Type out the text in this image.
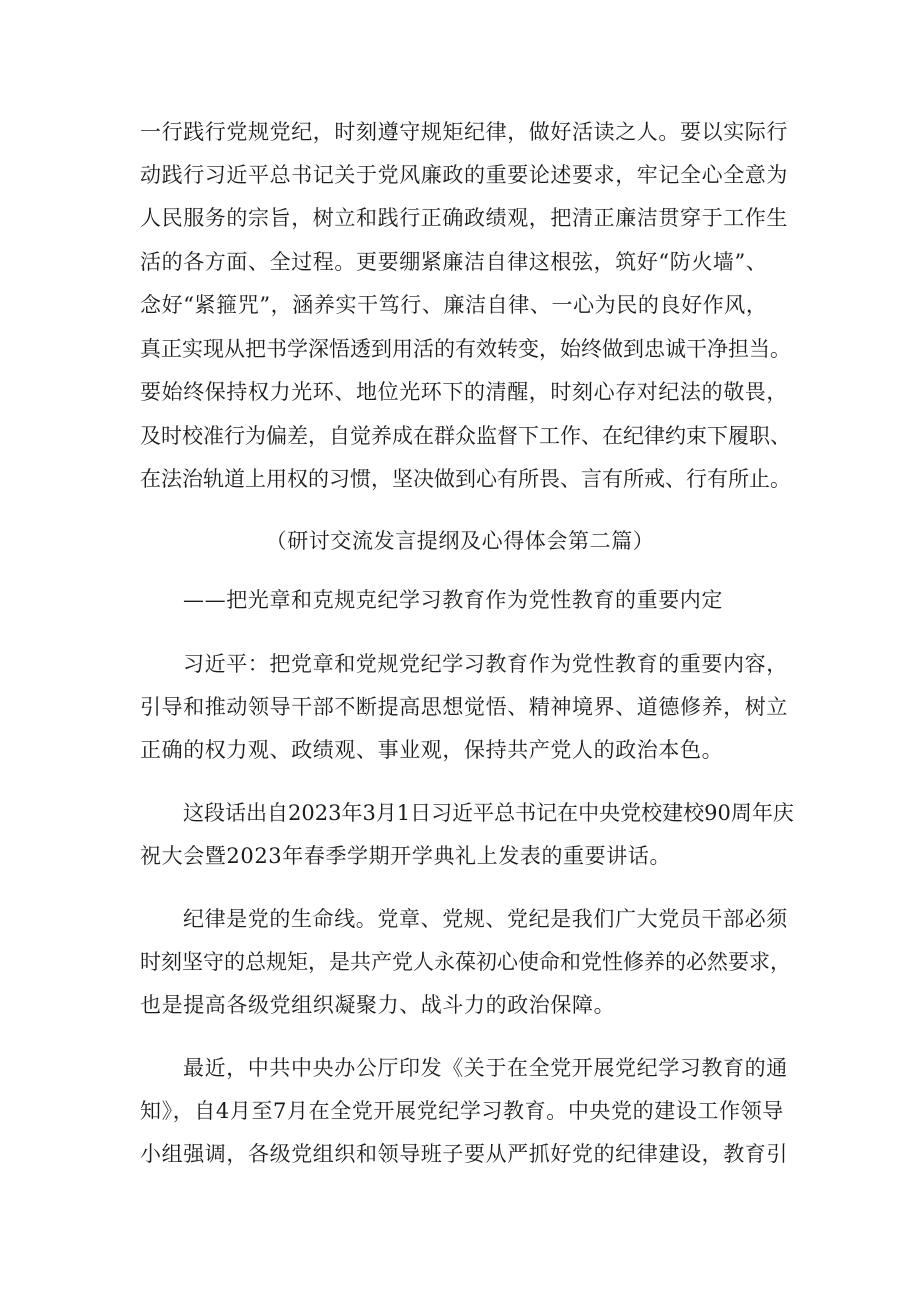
一行践行党规党纪，时刻遵守规矩纪律，做好活读之人。要以实际行
动践行习近平总书记关于党风廉政的重要论述要求，牢记全心全意为
人民服务的宗旨，树立和践行正确政绩观，把清正廉洁贯穿于工作生
活的各方面、全过程。更要绷紧廉洁自律这根弦，筑好“防火墙”、
念好“紧箍咒”，涵养实干笃行、廉洁自律、一心为民的良好作风，
真正实现从把书学深悟透到用活的有效转变，始终做到忠诚干净担当。
要始终保持权力光环、地位光环下的清醒，时刻心存对纪法的敬畏，
及时校准行为偏差，自觉养成在群众监督下工作、在纪律约束下履职、
在法治轨道上用权的习惯，坚决做到心有所畏、言有所戒、行有所止。
（研讨交流发言提纲及心得体会第二篇）
——把光章和克规克纪学习教育作为党性教育的重要内定
习近平：把党章和党规党纪学习教育作为党性教育的重要内容，
引导和推动领导干部不断提高思想觉悟、精神境界、道德修养，树立
正确的权力观、政绩观、事业观，保持共产党人的政治本色。
这段话出自2023年3月1日习近平总书记在中央党校建校90周年庆
祝大会暨2023年春季学期开学典礼上发表的重要讲话。
纪律是党的生命线。党章、党规、党纪是我们广大党员干部必须
时刻坚守的总规矩，是共产党人永葆初心使命和党性修养的必然要求，
也是提高各级党组织凝聚力、战斗力的政治保障。
最近，中共中央办公厅印发《关于在全党开展党纪学习教育的通
知》，自4月至7月在全党开展党纪学习教育。中央党的建设工作领导
小组强调，各级党组织和领导班子要从严抓好党的纪律建设，教育引
